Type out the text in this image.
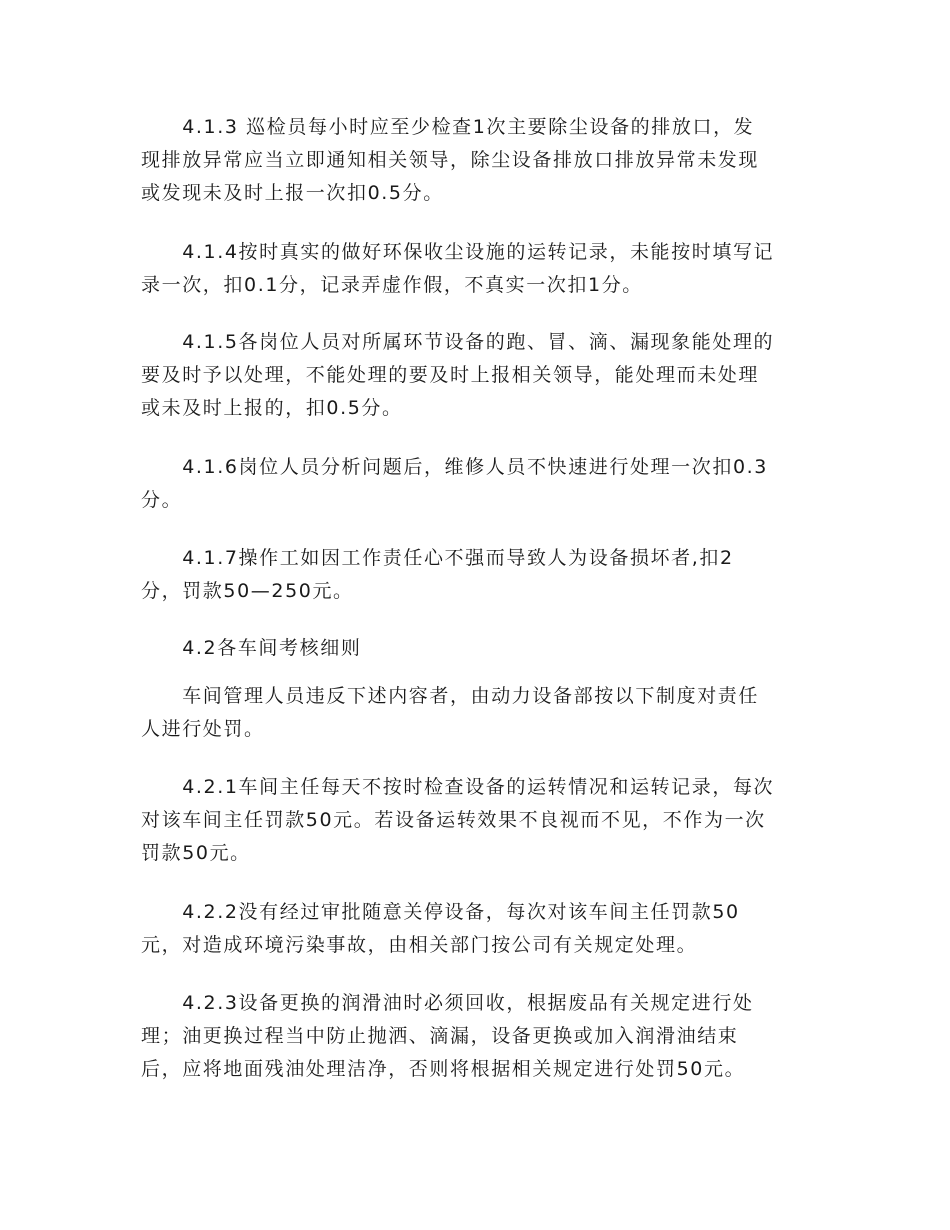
　　4.1.3 巡检员每小时应至少检查1次主要除尘设备的排放口，发
现排放异常应当立即通知相关领导，除尘设备排放口排放异常未发现
或发现未及时上报一次扣0.5分。

　　4.1.4按时真实的做好环保收尘设施的运转记录，未能按时填写记
录一次，扣0.1分，记录弄虚作假，不真实一次扣1分。

　　4.1.5各岗位人员对所属环节设备的跑、冒、滴、漏现象能处理的
要及时予以处理，不能处理的要及时上报相关领导，能处理而未处理
或未及时上报的，扣0.5分。

　　4.1.6岗位人员分析问题后，维修人员不快速进行处理一次扣0.3
分。

　　4.1.7操作工如因工作责任心不强而导致人为设备损坏者,扣2
分，罚款50—250元。

　　4.2各车间考核细则

　　车间管理人员违反下述内容者，由动力设备部按以下制度对责任
人进行处罚。

　　4.2.1车间主任每天不按时检查设备的运转情况和运转记录，每次
对该车间主任罚款50元。若设备运转效果不良视而不见，不作为一次
罚款50元。

　　4.2.2没有经过审批随意关停设备，每次对该车间主任罚款50
元，对造成环境污染事故，由相关部门按公司有关规定处理。

　　4.2.3设备更换的润滑油时必须回收，根据废品有关规定进行处
理；油更换过程当中防止抛洒、滴漏，设备更换或加入润滑油结束
后，应将地面残油处理洁净，否则将根据相关规定进行处罚50元。
